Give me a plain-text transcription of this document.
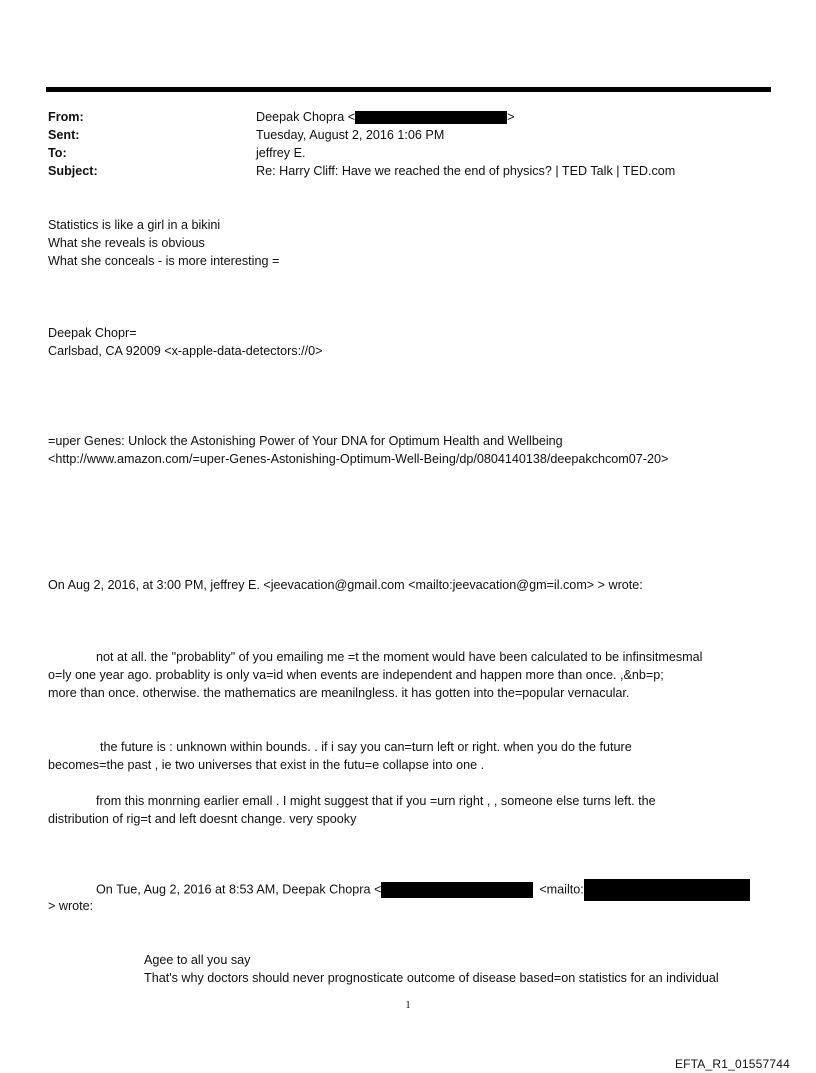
From:	Deepak Chopra <	>
Sent:	Tuesday, August 2, 2016 1:06 PM
To:	jeffrey E.
Subject:	Re: Harry Cliff: Have we reached the end of physics? | TED Talk | TED.com
Statistics is like a girl in a bikini
What she reveals is obvious
What she conceals - is more interesting =
Deepak Chopr=
Carlsbad, CA 92009 <x-apple-data-detectors://0>
=uper Genes: Unlock the Astonishing Power of Your DNA for Optimum Health and Wellbeing
<http://www.amazon.com/=uper-Genes-Astonishing-Optimum-Well-Being/dp/0804140138/deepakchcom07-20>
On Aug 2, 2016, at 3:00 PM, jeffrey E. <jeevacation@gmail.com <mailto:jeevacation@gm=il.com> > wrote:
not at all. the "probablity" of you emailing me =t the moment would have been calculated to be infinsitmesmal
o=ly one year ago. probablity is only va=id when events are independent and happen more than once. ,&nb=p;
more than once. otherwise. the mathematics are meanilngless. it has gotten into the=popular vernacular.
the future is : unknown within bounds. . if i say you can=turn left or right. when you do the future
becomes=the past , ie two universes that exist in the futu=e collapse into one .
from this monrning earlier emall . I might suggest that if you =urn right , , someone else turns left. the
distribution of rig=t and left doesnt change. very spooky
On Tue, Aug 2, 2016 at 8:53 AM, Deepak Chopra <	<mailto:
> wrote:
Agee to all you say
That's why doctors should never prognosticate outcome of disease based=on statistics for an individual
1
EFTA_R1_01557744
